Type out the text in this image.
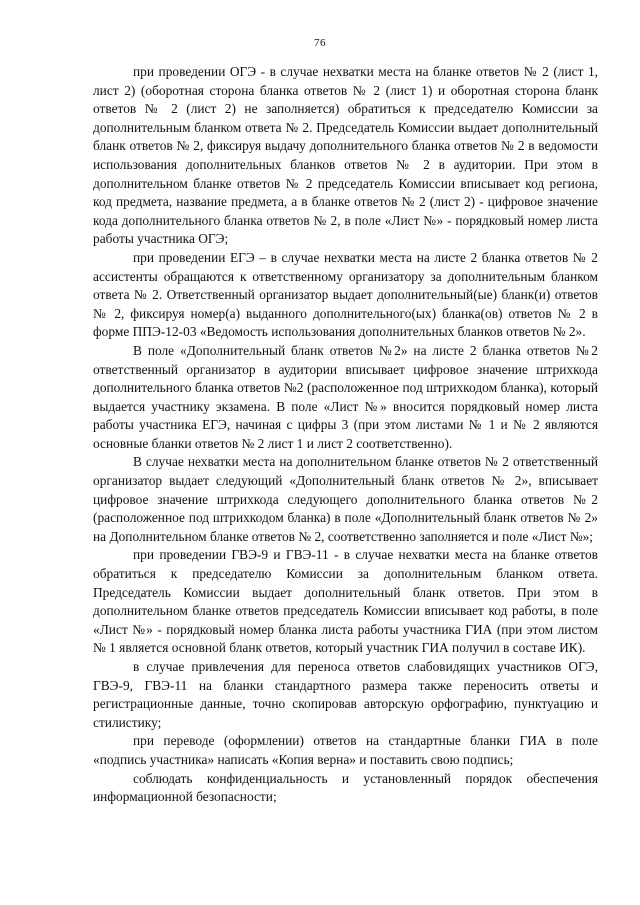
76

при проведении ОГЭ - в случае нехватки места на бланке ответов № 2 (лист 1, лист 2) (оборотная сторона бланка ответов № 2 (лист 1) и оборотная сторона бланк ответов № 2 (лист 2) не заполняется) обратиться к председателю Комиссии за дополнительным бланком ответа № 2. Председатель Комиссии выдает дополнительный бланк ответов № 2, фиксируя выдачу дополнительного бланка ответов № 2 в ведомости использования дополнительных бланков ответов № 2 в аудитории. При этом в дополнительном бланке ответов № 2 председатель Комиссии вписывает код региона, код предмета, название предмета, а в бланке ответов № 2 (лист 2) - цифровое значение кода дополнительного бланка ответов № 2, в поле «Лист №» - порядковый номер листа работы участника ОГЭ;

при проведении ЕГЭ – в случае нехватки места на листе 2 бланка ответов № 2 ассистенты обращаются к ответственному организатору за дополнительным бланком ответа № 2. Ответственный организатор выдает дополнительный(ые) бланк(и) ответов № 2, фиксируя номер(а) выданного дополнительного(ых) бланка(ов) ответов № 2 в форме ППЭ-12-03 «Ведомость использования дополнительных бланков ответов № 2».

В поле «Дополнительный бланк ответов №2» на листе 2 бланка ответов №2 ответственный организатор в аудитории вписывает цифровое значение штрихкода дополнительного бланка ответов №2 (расположенное под штрихкодом бланка), который выдается участнику экзамена. В поле «Лист №» вносится порядковый номер листа работы участника ЕГЭ, начиная с цифры 3 (при этом листами № 1 и № 2 являются основные бланки ответов № 2 лист 1 и лист 2 соответственно).

В случае нехватки места на дополнительном бланке ответов № 2 ответственный организатор выдает следующий «Дополнительный бланк ответов № 2», вписывает цифровое значение штрихкода следующего дополнительного бланка ответов №2 (расположенное под штрихкодом бланка) в поле «Дополнительный бланк ответов № 2» на Дополнительном бланке ответов № 2, соответственно заполняется и поле «Лист №»;

при проведении ГВЭ-9 и ГВЭ-11 - в случае нехватки места на бланке ответов обратиться к председателю Комиссии за дополнительным бланком ответа. Председатель Комиссии выдает дополнительный бланк ответов. При этом в дополнительном бланке ответов председатель Комиссии вписывает код работы, в поле «Лист №» - порядковый номер бланка листа работы участника ГИА (при этом листом № 1 является основной бланк ответов, который участник ГИА получил в составе ИК).

в случае привлечения для переноса ответов слабовидящих участников ОГЭ, ГВЭ-9, ГВЭ-11 на бланки стандартного размера также переносить ответы и регистрационные данные, точно скопировав авторскую орфографию, пунктуацию и стилистику;

при переводе (оформлении) ответов на стандартные бланки ГИА в поле «подпись участника» написать «Копия верна» и поставить свою подпись;

соблюдать конфиденциальность и установленный порядок обеспечения информационной безопасности;
